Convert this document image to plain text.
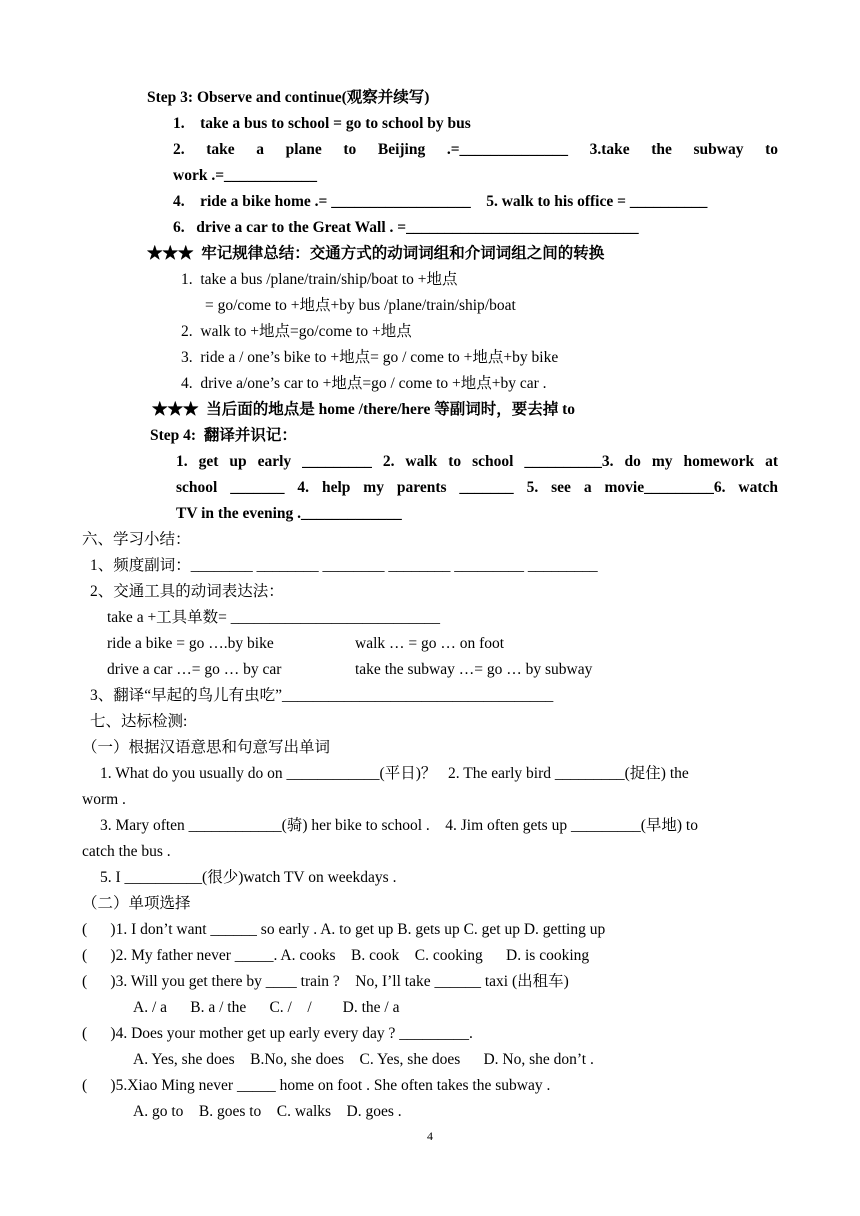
Step 3: Observe and continue(观察并续写)
1.    take a bus to school = go to school by bus
2. take a plane to Beijing .=______________ 3.take the subway to
work .=____________
4.    ride a bike home .= __________________    5. walk to his office = __________
6.   drive a car to the Great Wall . =______________________________
★★★  牢记规律总结：交通方式的动词词组和介词词组之间的转换
1.  take a bus /plane/train/ship/boat to +地点
= go/come to +地点+by bus /plane/train/ship/boat
2.  walk to +地点=go/come to +地点
3.  ride a / one’s bike to +地点= go / come to +地点+by bike
4.  drive a/one’s car to +地点=go / come to +地点+by car .
★★★  当后面的地点是 home /there/here 等副词时，要去掉 to
Step 4:  翻译并识记：
1. get up early _________ 2. walk to school __________3. do my homework at
school _______ 4. help my parents _______ 5. see a movie_________6. watch
TV in the evening ._____________
六、学习小结：
1、频度副词：________ ________ ________ ________ _________ _________
2、交通工具的动词表达法：
take a +工具单数= ___________________________
ride a bike = go ….by bike	walk … = go … on foot
drive a car …= go … by car	take the subway …= go … by subway
3、翻译“早起的鸟儿有虫吃”___________________________________
七、达标检测:
（一）根据汉语意思和句意写出单词
1. What do you usually do on ____________(平日)？   2. The early bird _________(捉住) the
worm .
3. Mary often ____________(骑) her bike to school .    4. Jim often gets up _________(早地) to
catch the bus .
5. I __________(很少)watch TV on weekdays .
（二）单项选择
(      )1. I don’t want ______ so early . A. to get up B. gets up C. get up D. getting up
(      )2. My father never _____. A. cooks    B. cook    C. cooking      D. is cooking
(      )3. Will you get there by ____ train ?    No, I’ll take ______ taxi (出租车)
A. / a      B. a / the      C. /    /        D. the / a
(      )4. Does your mother get up early every day ? _________.
A. Yes, she does    B.No, she does    C. Yes, she does      D. No, she don’t .
(      )5.Xiao Ming never _____ home on foot . She often takes the subway .
A. go to    B. goes to    C. walks    D. goes .
4
